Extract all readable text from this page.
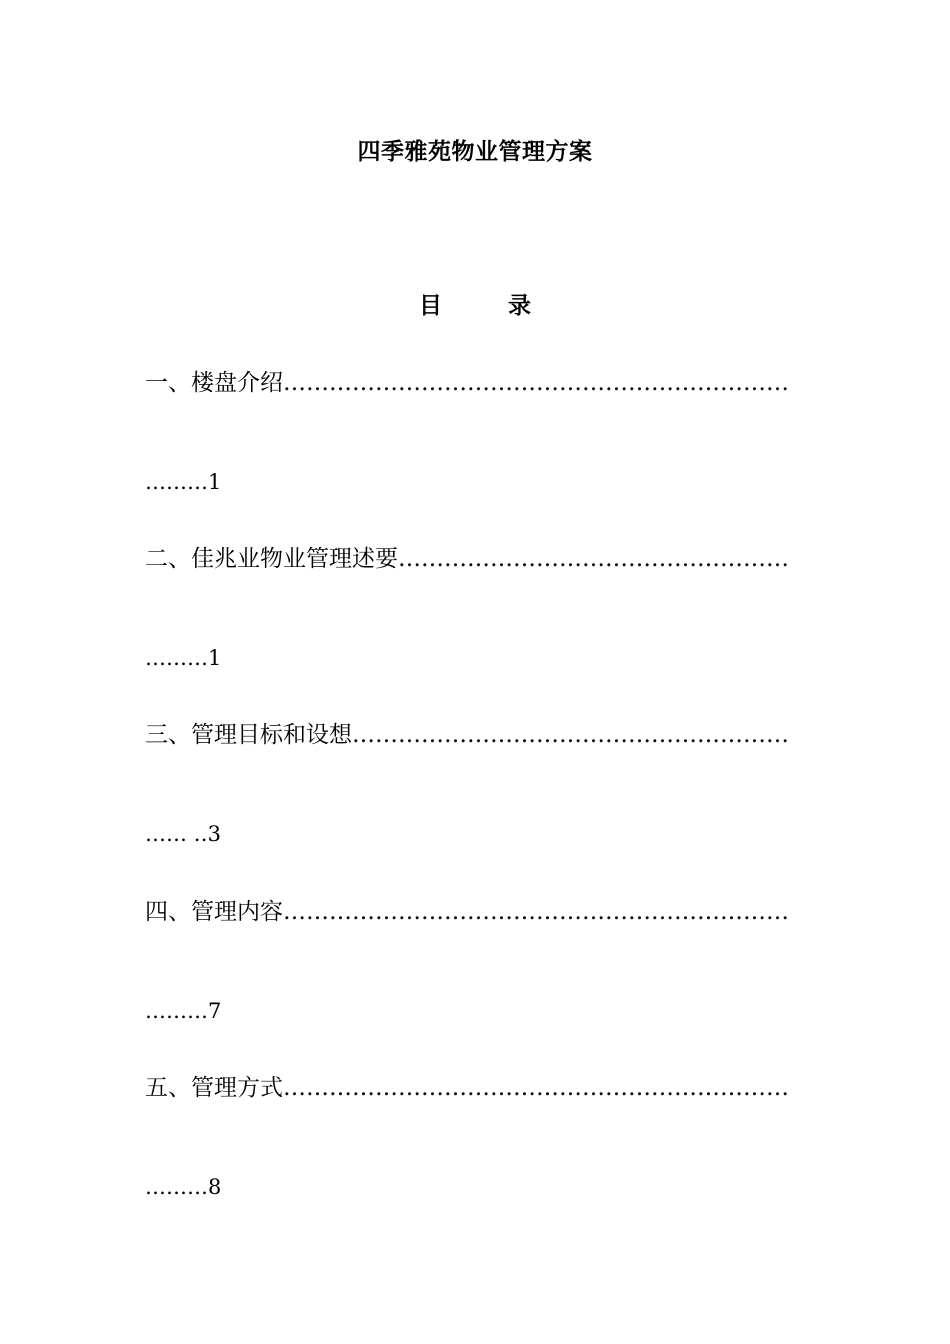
四季雅苑物业管理方案
目	录
一、楼盘介绍…………………………………………………………
………1
二、佳兆业物业管理述要……………………………………………
………1
三、管理目标和设想…………………………………………………
…… ‥3
四、管理内容…………………………………………………………
………7
五、管理方式…………………………………………………………
………8
